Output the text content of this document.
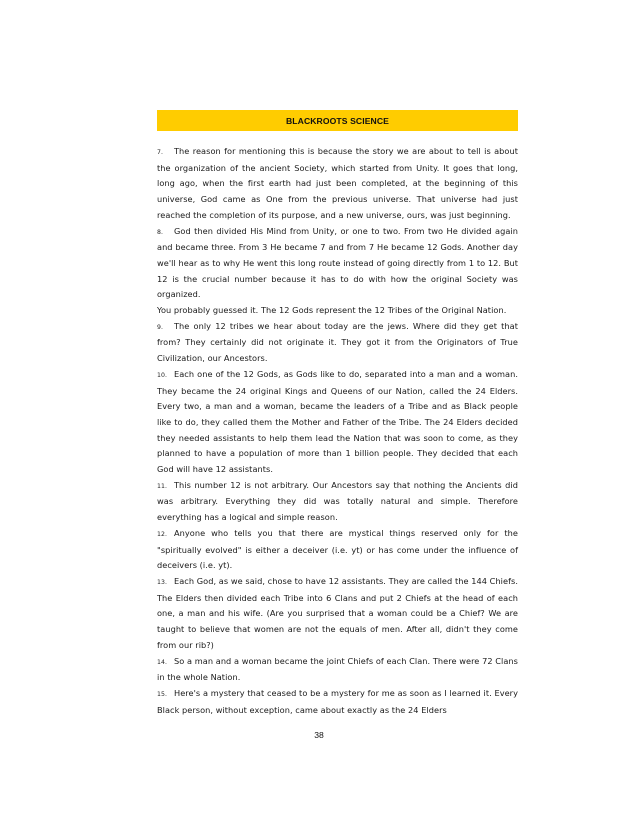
BLACKROOTS SCIENCE

7. The reason for mentioning this is because the story we are about to tell is about the organization of the ancient Society, which started from Unity. It goes that long, long ago, when the first earth had just been completed, at the beginning of this universe, God came as One from the previous universe. That universe had just reached the completion of its purpose, and a new universe, ours, was just beginning.

8. God then divided His Mind from Unity, or one to two. From two He divided again and became three. From 3 He became 7 and from 7 He became 12 Gods. Another day we'll hear as to why He went this long route instead of going directly from 1 to 12. But 12 is the crucial number because it has to do with how the original Society was organized.

You probably guessed it. The 12 Gods represent the 12 Tribes of the Original Nation.

9. The only 12 tribes we hear about today are the jews. Where did they get that from? They certainly did not originate it. They got it from the Originators of True Civilization, our Ancestors.

10. Each one of the 12 Gods, as Gods like to do, separated into a man and a woman. They became the 24 original Kings and Queens of our Nation, called the 24 Elders. Every two, a man and a woman, became the leaders of a Tribe and as Black people like to do, they called them the Mother and Father of the Tribe. The 24 Elders decided they needed assistants to help them lead the Nation that was soon to come, as they planned to have a population of more than 1 billion people. They decided that each God will have 12 assistants.

11. This number 12 is not arbitrary. Our Ancestors say that nothing the Ancients did was arbitrary. Everything they did was totally natural and simple. Therefore everything has a logical and simple reason.

12. Anyone who tells you that there are mystical things reserved only for the "spiritually evolved" is either a deceiver (i.e. yt) or has come under the influence of deceivers (i.e. yt).

13. Each God, as we said, chose to have 12 assistants. They are called the 144 Chiefs. The Elders then divided each Tribe into 6 Clans and put 2 Chiefs at the head of each one, a man and his wife. (Are you surprised that a woman could be a Chief? We are taught to believe that women are not the equals of men. After all, didn't they come from our rib?)

14. So a man and a woman became the joint Chiefs of each Clan. There were 72 Clans in the whole Nation.

15. Here's a mystery that ceased to be a mystery for me as soon as I learned it. Every Black person, without exception, came about exactly as the 24 Elders

38
